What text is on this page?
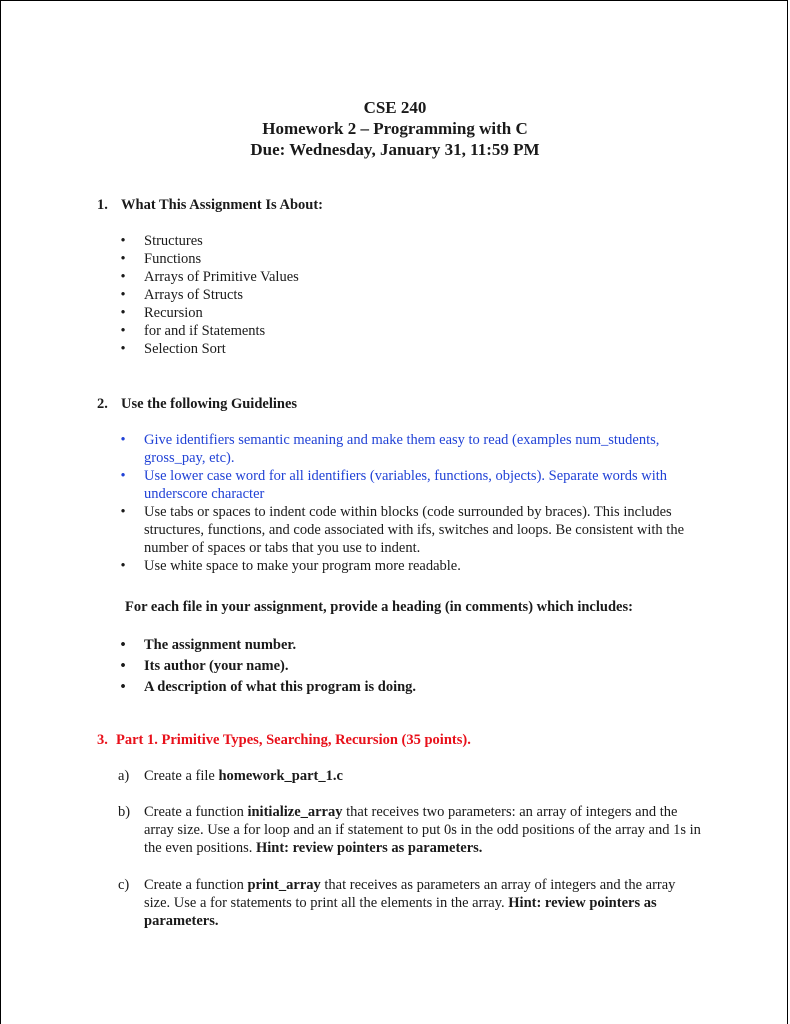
CSE 240
Homework 2 – Programming with C
Due: Wednesday, January 31, 11:59 PM
1. What This Assignment Is About:
• Structures
• Functions
• Arrays of Primitive Values
• Arrays of Structs
• Recursion
• for and if Statements
• Selection Sort
2. Use the following Guidelines
• Give identifiers semantic meaning and make them easy to read (examples num_students, gross_pay, etc).
• Use lower case word for all identifiers (variables, functions, objects). Separate words with underscore character
• Use tabs or spaces to indent code within blocks (code surrounded by braces). This includes structures, functions, and code associated with ifs, switches and loops. Be consistent with the number of spaces or tabs that you use to indent.
• Use white space to make your program more readable.
For each file in your assignment, provide a heading (in comments) which includes:
• The assignment number.
• Its author (your name).
• A description of what this program is doing.
3. Part 1. Primitive Types, Searching, Recursion (35 points).
a) Create a file homework_part_1.c
b) Create a function initialize_array that receives two parameters: an array of integers and the array size. Use a for loop and an if statement to put 0s in the odd positions of the array and 1s in the even positions. Hint: review pointers as parameters.
c) Create a function print_array that receives as parameters an array of integers and the array size. Use a for statements to print all the elements in the array. Hint: review pointers as parameters.
